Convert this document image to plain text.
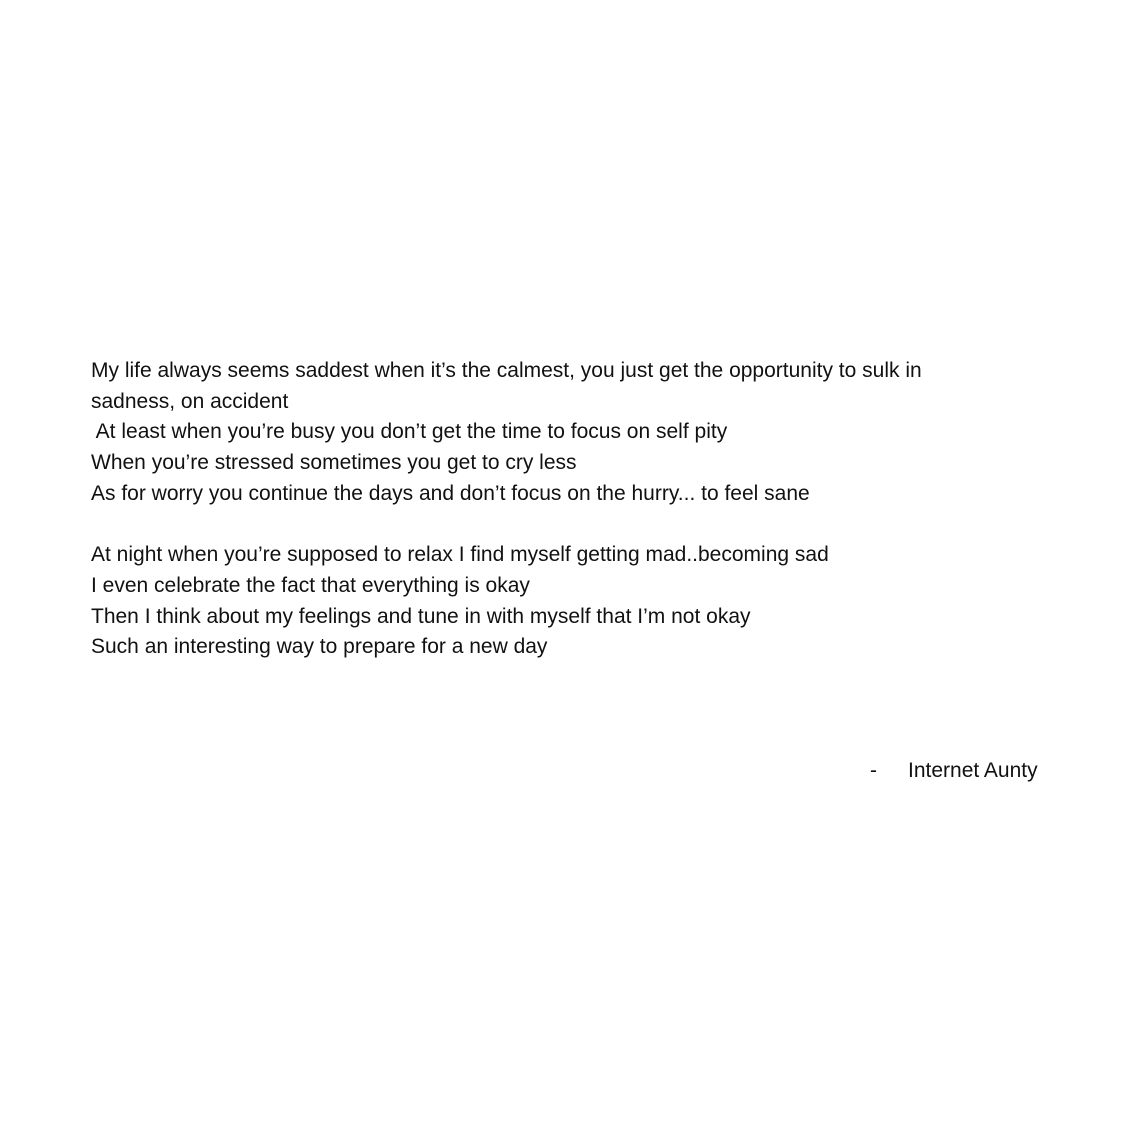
My life always seems saddest when it’s the calmest, you just get the opportunity to sulk in
sadness, on accident
At least when you’re busy you don’t get the time to focus on self pity
When you’re stressed sometimes you get to cry less
As for worry you continue the days and don’t focus on the hurry... to feel sane
At night when you’re supposed to relax I find myself getting mad..becoming sad
I even celebrate the fact that everything is okay
Then I think about my feelings and tune in with myself that I’m not okay
Such an interesting way to prepare for a new day
- Internet Aunty
